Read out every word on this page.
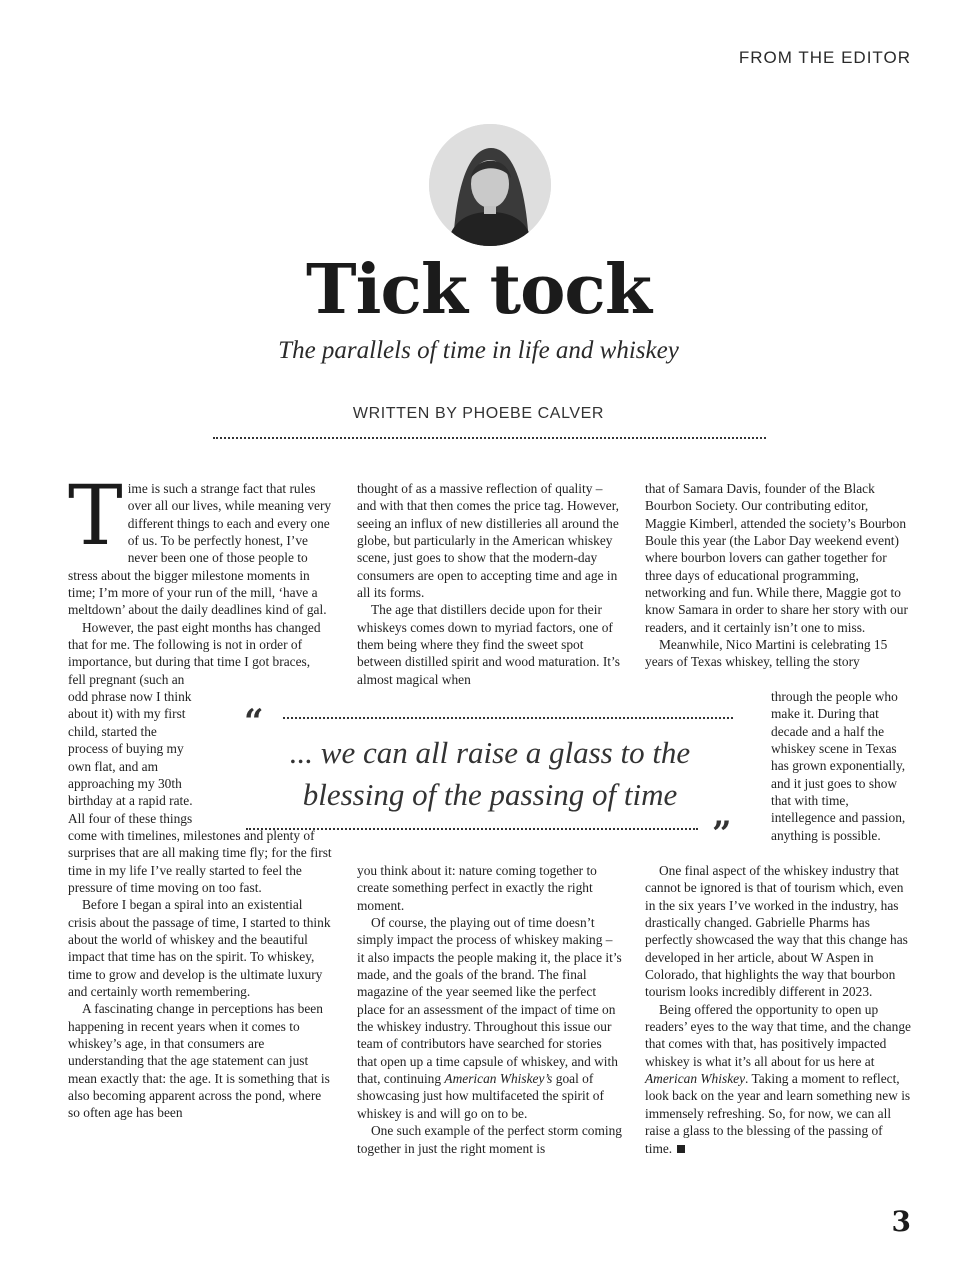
FROM THE EDITOR
Tick tock
The parallels of time in life and whiskey
WRITTEN BY PHOEBE CALVER
T ime is such a strange fact that rules over all our lives, while meaning very different things to each and every one of us. To be perfectly honest, I’ve never been one of those people to stress about the bigger milestone moments in time; I’m more of your run of the mill, ‘have a meltdown’ about the daily deadlines kind of gal.

However, the past eight months has changed that for me. The following is not in order of importance, but during that time I got braces,

fell pregnant (such an odd phrase now I think about it) with my first child, started the process of buying my own flat, and am approaching my 30th birthday at a rapid rate. All four of these things

come with timelines, milestones and plenty of surprises that are all making time fly; for the first time in my life I’ve really started to feel the pressure of time moving on too fast.

Before I began a spiral into an existential crisis about the passage of time, I started to think about the world of whiskey and the beautiful impact that time has on the spirit. To whiskey, time to grow and develop is the ultimate luxury and certainly worth remembering.

A fascinating change in perceptions has been happening in recent years when it comes to whiskey’s age, in that consumers are understanding that the age statement can just mean exactly that: the age. It is something that is also becoming apparent across the pond, where so often age has been

thought of as a massive reflection of quality – and with that then comes the price tag. However, seeing an influx of new distilleries all around the globe, but particularly in the American whiskey scene, just goes to show that the modern-day consumers are open to accepting time and age in all its forms.

The age that distillers decide upon for their whiskeys comes down to myriad factors, one of them being where they find the sweet spot between distilled spirit and wood maturation. It’s almost magical when

you think about it: nature coming together to create something perfect in exactly the right moment.

Of course, the playing out of time doesn’t simply impact the process of whiskey making – it also impacts the people making it, the place it’s made, and the goals of the brand. The final magazine of the year seemed like the perfect place for an assessment of the impact of time on the whiskey industry. Throughout this issue our team of contributors have searched for stories that open up a time capsule of whiskey, and with that, continuing American Whiskey’s goal of showcasing just how multifaceted the spirit of whiskey is and will go on to be.

One such example of the perfect storm coming together in just the right moment is

that of Samara Davis, founder of the Black Bourbon Society. Our contributing editor, Maggie Kimberl, attended the society’s Bourbon Boule this year (the Labor Day weekend event) where bourbon lovers can gather together for three days of educational programming, networking and fun. While there, Maggie got to know Samara in order to share her story with our readers, and it certainly isn’t one to miss.

Meanwhile, Nico Martini is celebrating 15 years of Texas whiskey, telling the story

through the people who make it. During that decade and a half the whiskey scene in Texas has grown exponentially, and it just goes to show that with time, intellegence and passion, anything is possible.

One final aspect of the whiskey industry that cannot be ignored is that of tourism which, even in the six years I’ve worked in the industry, has drastically changed. Gabrielle Pharms has perfectly showcased the way that this change has developed in her article, about W Aspen in Colorado, that highlights the way that bourbon tourism looks incredibly different in 2023.

Being offered the opportunity to open up readers’ eyes to the way that time, and the change that comes with that, has positively impacted whiskey is what it’s all about for us here at American Whiskey. Taking a moment to reflect, look back on the year and learn something new is immensely refreshing. So, for now, we can all raise a glass to the blessing of the passing of time.

“
... we can all raise a glass to the blessing of the passing of time
”
3
